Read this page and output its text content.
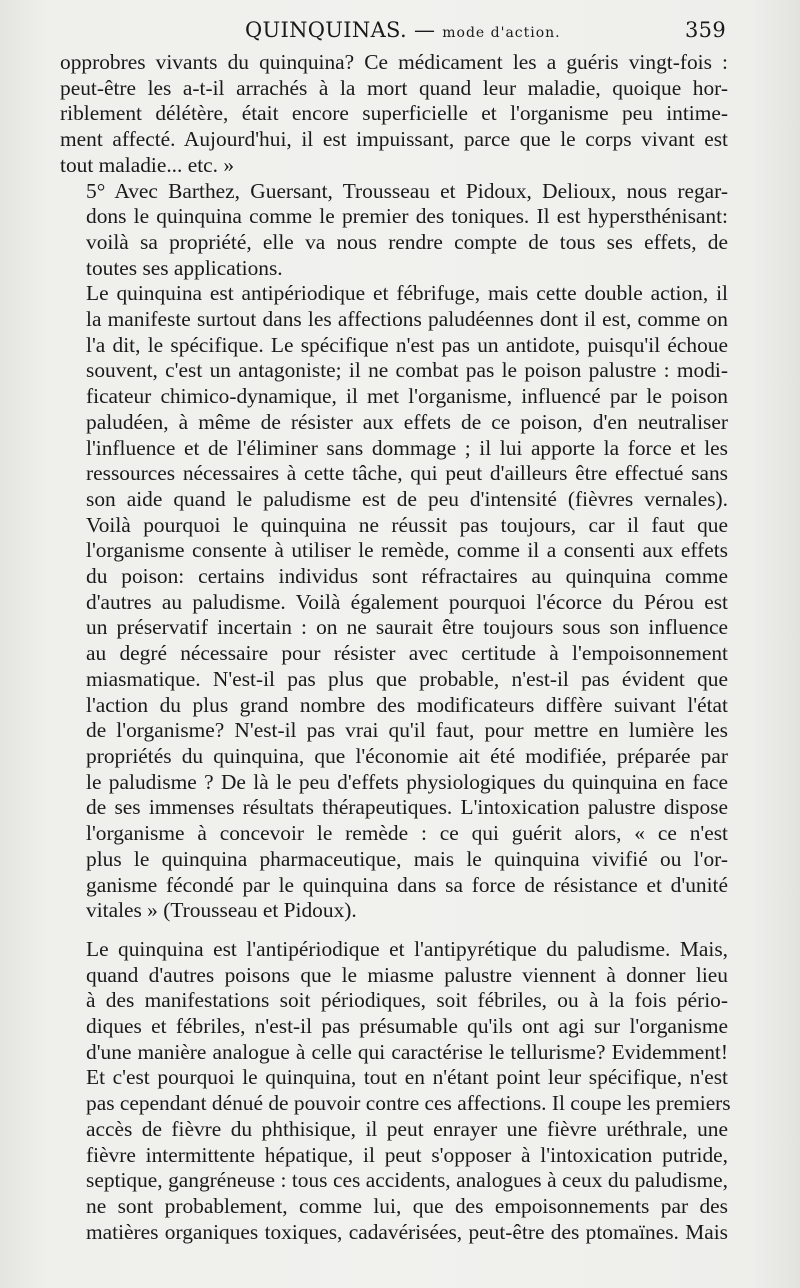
QUINQUINAS. — mode d'action.	359
opprobres vivants du quinquina? Ce médicament les a guéris vingt-fois :
peut-être les a-t-il arrachés à la mort quand leur maladie, quoique hor-
riblement délétère, était encore superficielle et l'organisme peu intime-
ment affecté. Aujourd'hui, il est impuissant, parce que le corps vivant est
tout maladie... etc. »
5° Avec Barthez, Guersant, Trousseau et Pidoux, Delioux, nous regar-
dons le quinquina comme le premier des toniques. Il est hypersthénisant:
voilà sa propriété, elle va nous rendre compte de tous ses effets, de
toutes ses applications.
Le quinquina est antipériodique et fébrifuge, mais cette double action, il
la manifeste surtout dans les affections paludéennes dont il est, comme on
l'a dit, le spécifique. Le spécifique n'est pas un antidote, puisqu'il échoue
souvent, c'est un antagoniste; il ne combat pas le poison palustre : modi-
ficateur chimico-dynamique, il met l'organisme, influencé par le poison
paludéen, à même de résister aux effets de ce poison, d'en neutraliser
l'influence et de l'éliminer sans dommage ; il lui apporte la force et les
ressources nécessaires à cette tâche, qui peut d'ailleurs être effectué sans
son aide quand le paludisme est de peu d'intensité (fièvres vernales).
Voilà pourquoi le quinquina ne réussit pas toujours, car il faut que
l'organisme consente à utiliser le remède, comme il a consenti aux effets
du poison: certains individus sont réfractaires au quinquina comme
d'autres au paludisme. Voilà également pourquoi l'écorce du Pérou est
un préservatif incertain : on ne saurait être toujours sous son influence
au degré nécessaire pour résister avec certitude à l'empoisonnement
miasmatique. N'est-il pas plus que probable, n'est-il pas évident que
l'action du plus grand nombre des modificateurs diffère suivant l'état
de l'organisme? N'est-il pas vrai qu'il faut, pour mettre en lumière les
propriétés du quinquina, que l'économie ait été modifiée, préparée par
le paludisme ? De là le peu d'effets physiologiques du quinquina en face
de ses immenses résultats thérapeutiques. L'intoxication palustre dispose
l'organisme à concevoir le remède : ce qui guérit alors, « ce n'est
plus le quinquina pharmaceutique, mais le quinquina vivifié ou l'or-
ganisme fécondé par le quinquina dans sa force de résistance et d'unité
vitales » (Trousseau et Pidoux).
Le quinquina est l'antipériodique et l'antipyrétique du paludisme. Mais,
quand d'autres poisons que le miasme palustre viennent à donner lieu
à des manifestations soit périodiques, soit fébriles, ou à la fois pério-
diques et fébriles, n'est-il pas présumable qu'ils ont agi sur l'organisme
d'une manière analogue à celle qui caractérise le tellurisme? Evidemment!
Et c'est pourquoi le quinquina, tout en n'étant point leur spécifique, n'est
pas cependant dénué de pouvoir contre ces affections. Il coupe les premiers
accès de fièvre du phthisique, il peut enrayer une fièvre uréthrale, une
fièvre intermittente hépatique, il peut s'opposer à l'intoxication putride,
septique, gangréneuse : tous ces accidents, analogues à ceux du paludisme,
ne sont probablement, comme lui, que des empoisonnements par des
matières organiques toxiques, cadavérisées, peut-être des ptomaïnes. Mais
